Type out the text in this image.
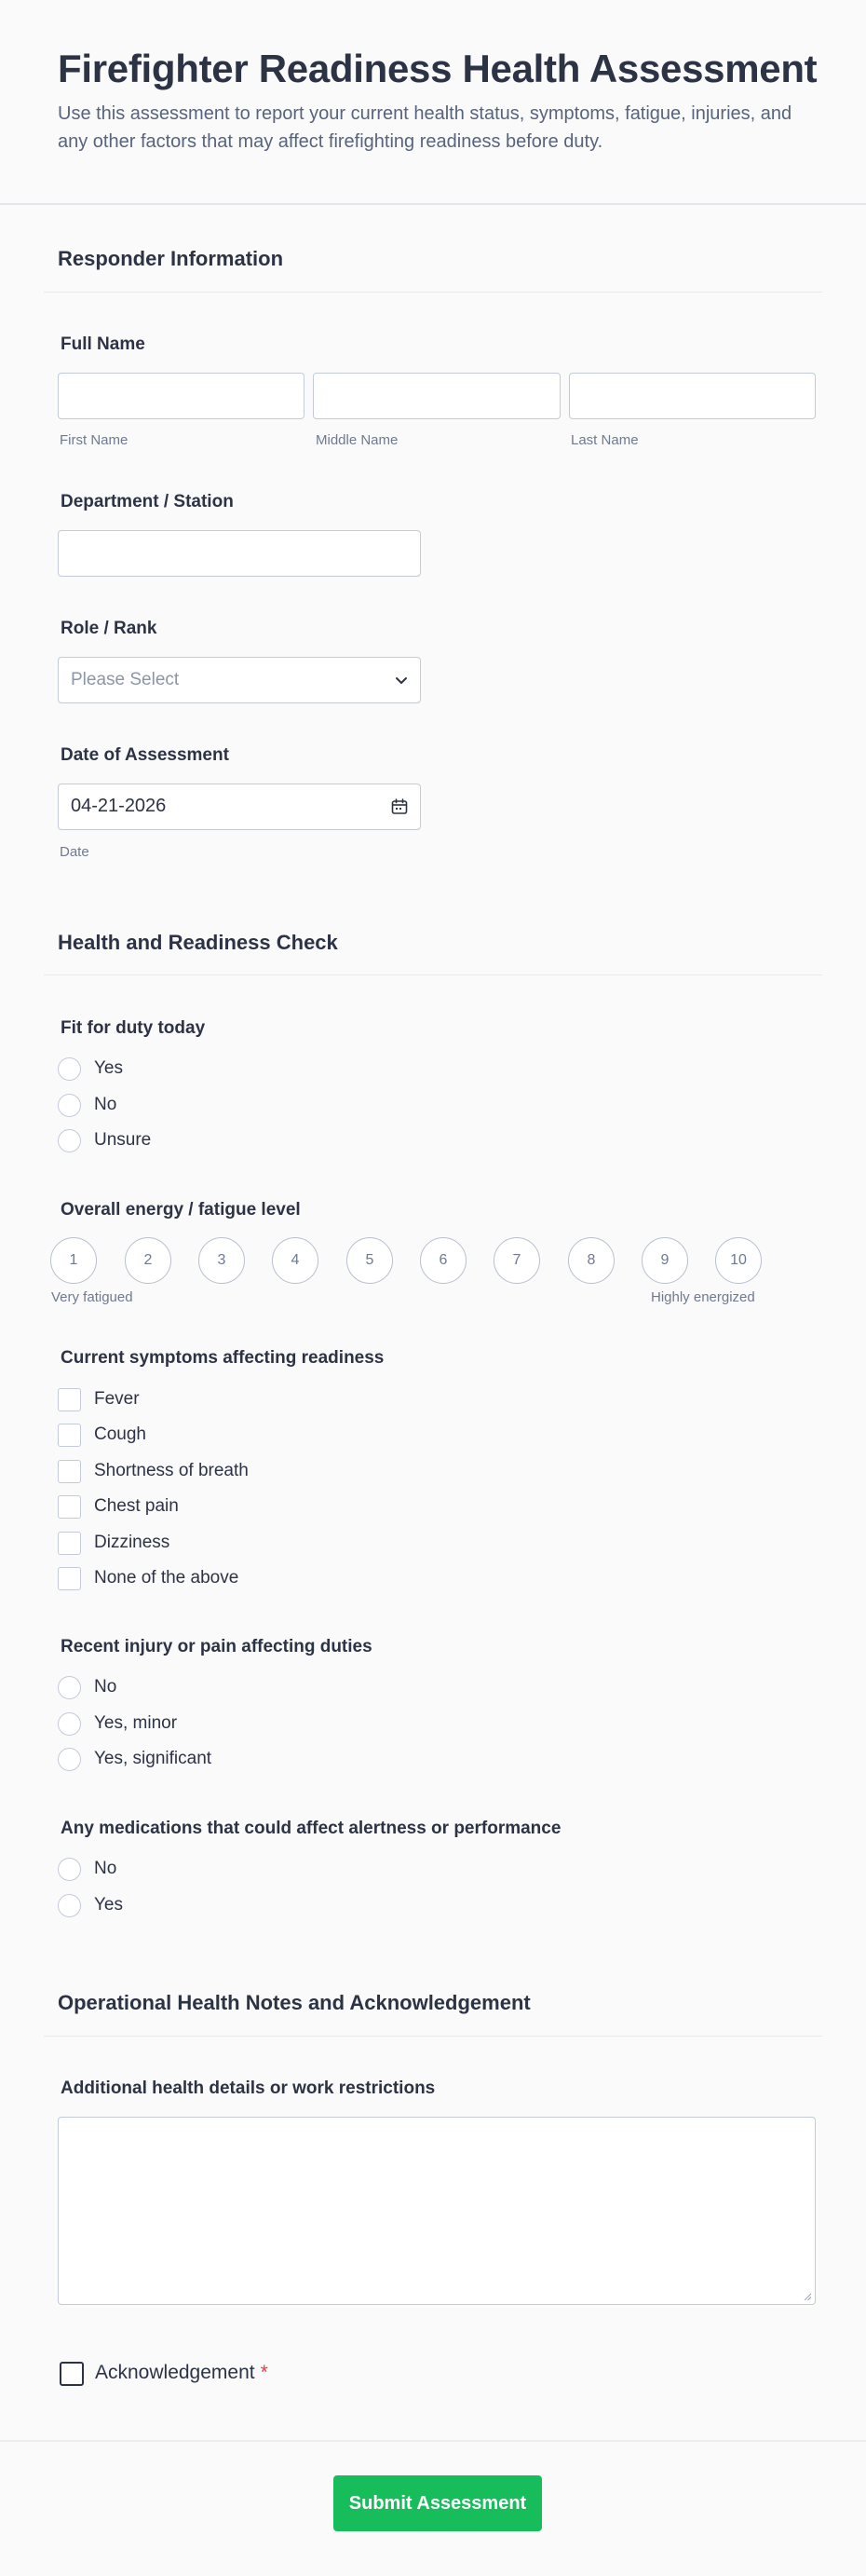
Firefighter Readiness Health Assessment
Use this assessment to report your current health status, symptoms, fatigue, injuries, and any other factors that may affect firefighting readiness before duty.
Responder Information
Full Name
First Name	Middle Name	Last Name
Department / Station
Role / Rank
Please Select
Date of Assessment
04-21-2026
Date
Health and Readiness Check
Fit for duty today
Yes
No
Unsure
Overall energy / fatigue level
1	2	3	4	5	6	7	8	9	10
Very fatigued	Highly energized
Current symptoms affecting readiness
Fever
Cough
Shortness of breath
Chest pain
Dizziness
None of the above
Recent injury or pain affecting duties
No
Yes, minor
Yes, significant
Any medications that could affect alertness or performance
No
Yes
Operational Health Notes and Acknowledgement
Additional health details or work restrictions
Acknowledgement *
Submit Assessment
